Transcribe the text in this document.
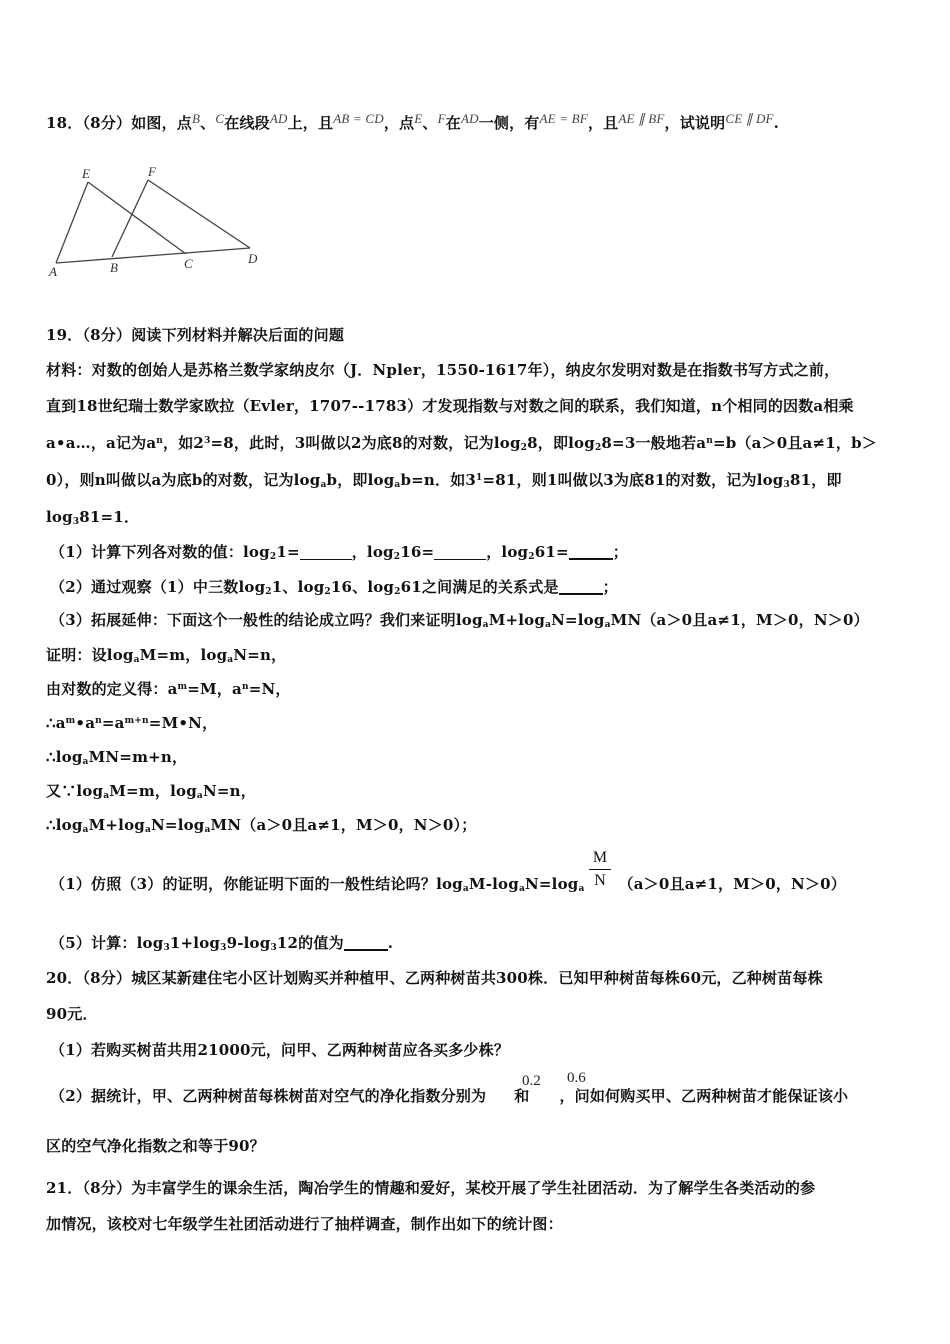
18．（8分）如图，点B、C在线段AD上，且AB = CD，点E、F在AD一侧，有AE = BF，且AE ∥ BF，试说明CE ∥ DF.
A	B	C	D
E	F
19．（8分）阅读下列材料并解决后面的问题
材料：对数的创始人是苏格兰数学家纳皮尔（J．Npler，1550-1617年），纳皮尔发明对数是在指数书写方式之前，
直到18世纪瑞士数学家欧拉（Evler，1707--1783）才发现指数与对数之间的联系，我们知道，n个相同的因数a相乘
a•a…，a记为$a^n$，如$2^3=8$，此时，3叫做以2为底8的对数，记为$\log_28$，即$\log_28=3$一般地若$a^n=b(a>0$且a≠1，b＞
0），则n叫做以a为底b的对数，记为$\log_ab$，即$\log_ab=n$．如$3^1=81$，则1叫做以3为底81的对数，记为$\log_381$，即
$\log_381=1$．
（1）计算下列各对数的值：$\log_21=$	，$\log_216=$	，$\log_261=$	；
（2）通过观察（1）中三数$\log_21$、$\log_216$、$\log_261$之间满足的关系式是	；
（3）拓展延伸：下面这个一般性的结论成立吗？我们来证明$\log_aM+\log_aN=\log_aMN(a>0$且a≠1，M＞0，N＞0）
证明：设$\log_aM=m$，$\log_aN=n$，
由对数的定义得：$a^m=M$，$a^n=N$，
$\therefore a^m•a^n=a^{m+n}=M•N$，
$\therefore\log_aMN=m+n$，
又$\because\log_aM=m$，$\log_aN=n$，
$\therefore\log_aM+\log_aN=\log_aMN(a>0$且a≠1，M＞0，N＞0）；
（1）仿照（3）的证明，你能证明下面的一般性结论吗？$\log_aM-\log_aN=\log_a$ （a＞0且a≠1，M＞0，N＞0）
$\frac{M}{N}$
（5）计算：$\log_31+\log_39-\log_312$的值为	.
20．（8分）城区某新建住宅小区计划购买并种植甲、乙两种树苗共300株．已知甲种树苗每株60元，乙种树苗每株
90元．
（1）若购买树苗共用21000元，问甲、乙两种树苗应各买多少株？
（2）据统计，甲、乙两种树苗每株树苗对空气的净化指数分别为 和 ，问如何购买甲、乙两种树苗才能保证该小
0.2 0.6
区的空气净化指数之和等于90？
21．（8分）为丰富学生的课余生活，陶冶学生的情趣和爱好，某校开展了学生社团活动．为了解学生各类活动的参
加情况，该校对七年级学生社团活动进行了抽样调查，制作出如下的统计图：
